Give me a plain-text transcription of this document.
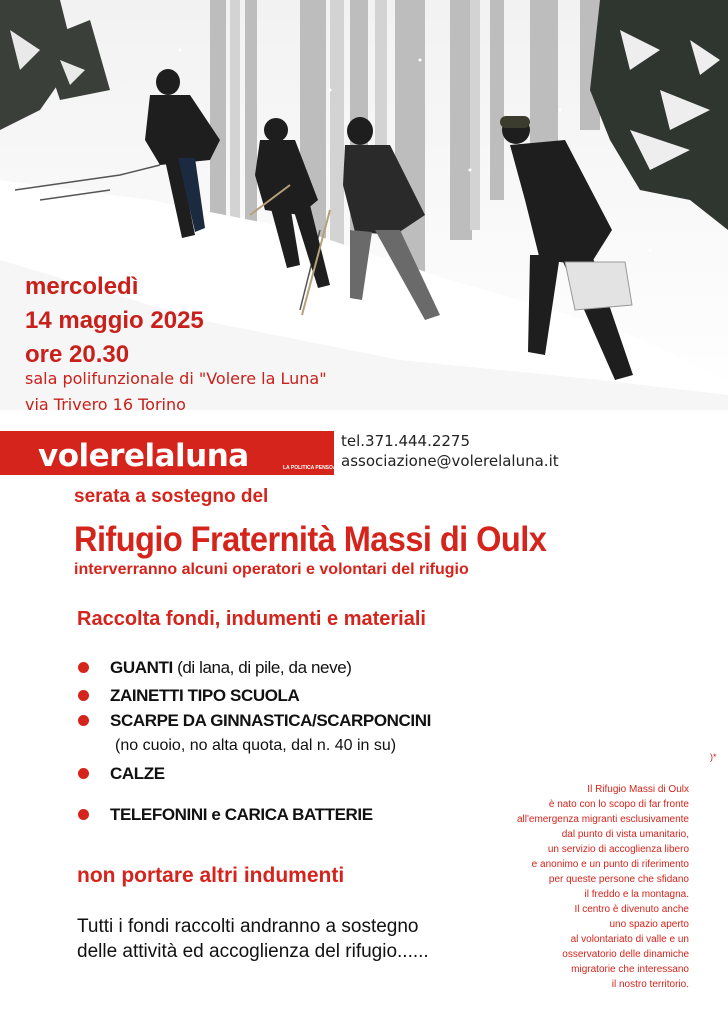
mercoledì
14 maggio 2025
ore 20.30
sala polifunzionale di "Volere la Luna"
via Trivero 16 Torino
volerelaluna	LA POLITICA PENSOACAI
tel.371.444.2275
associazione@volerelaluna.it
serata a sostegno del
Rifugio Fraternità Massi di Oulx
interverranno alcuni operatori e volontari del rifugio
Raccolta fondi, indumenti e materiali
GUANTI (di lana, di pile, da neve)
ZAINETTI TIPO SCUOLA
SCARPE DA GINNASTICA/SCARPONCINI
(no cuoio, no alta quota, dal n. 40 in su)
CALZE
TELEFONINI e CARICA BATTERIE
non portare altri indumenti
Tutti i fondi raccolti andranno a sostegno
delle attività ed accoglienza del rifugio......
)*
Il Rifugio Massi di Oulx
è nato con lo scopo di far fronte
all'emergenza migranti esclusivamente
dal punto di vista umanitario,
un servizio di accoglienza libero
e anonimo e un punto di riferimento
per queste persone che sfidano
il freddo e la montagna.
Il centro è divenuto anche
uno spazio aperto
al volontariato di valle e un
osservatorio delle dinamiche
migratorie che interessano
il nostro territorio.
